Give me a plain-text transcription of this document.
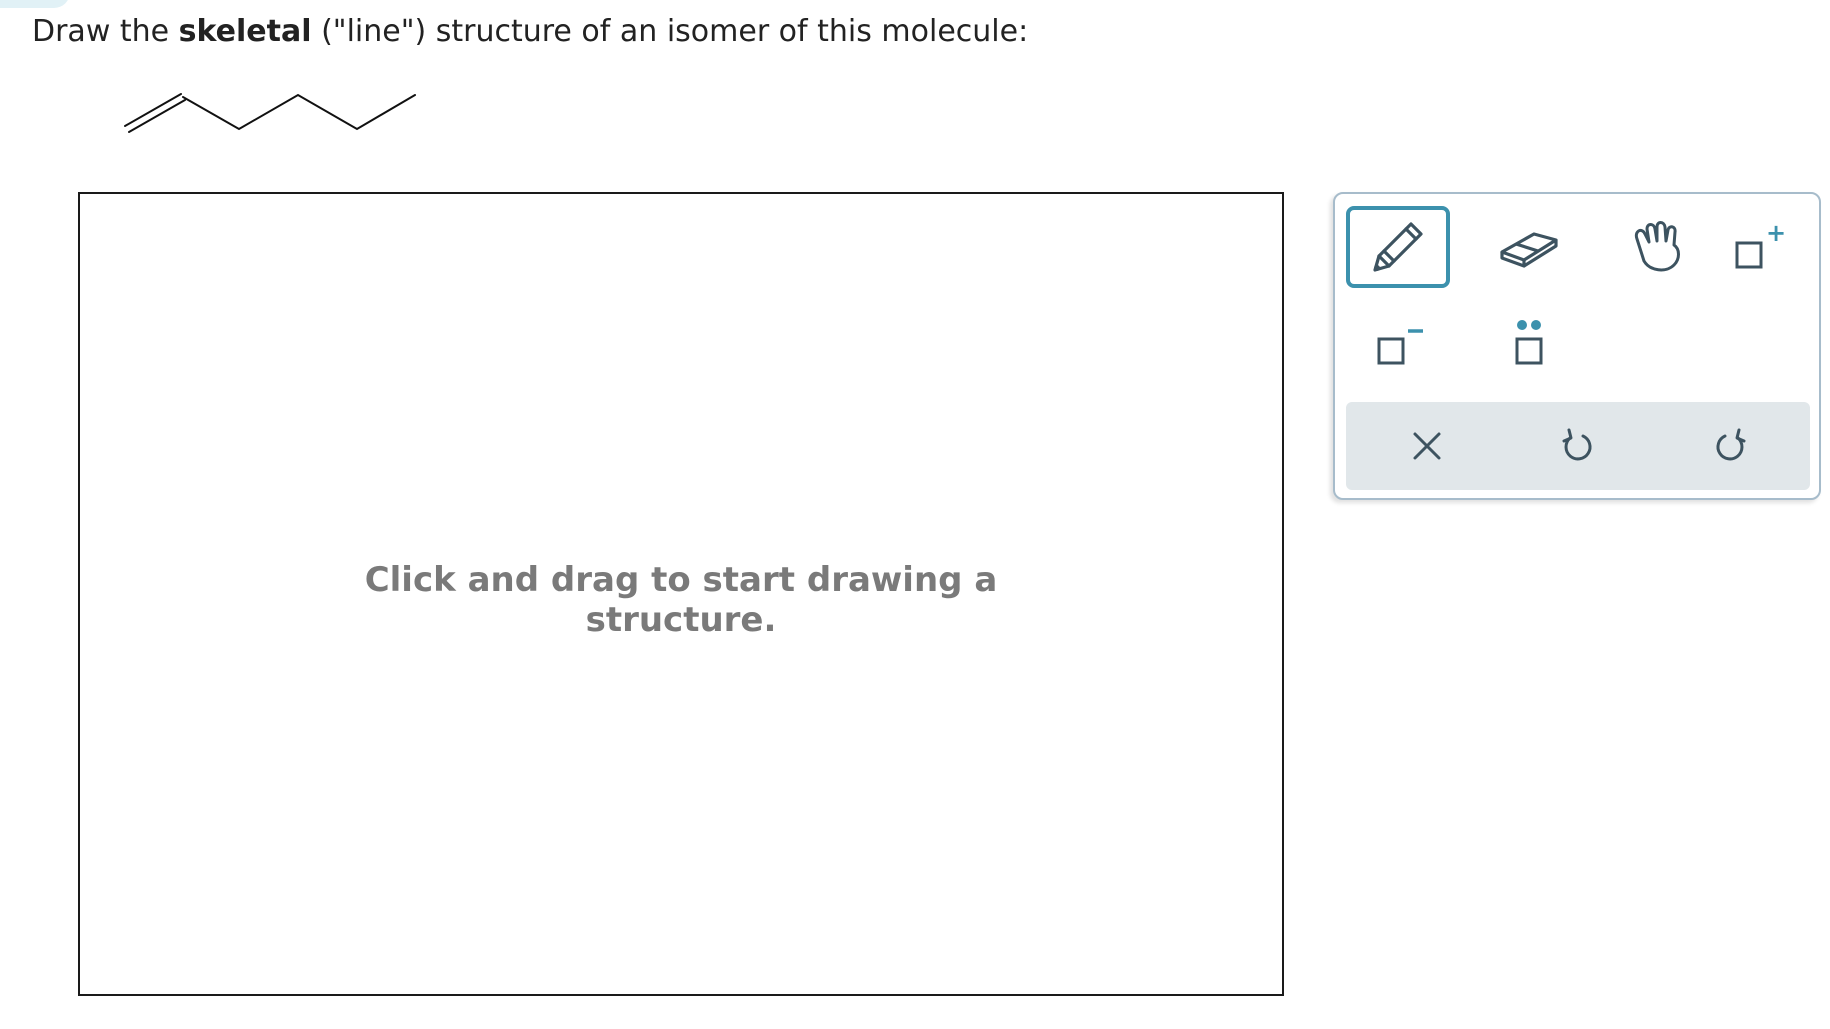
Draw the skeletal ("line") structure of an isomer of this molecule:
Click and drag to start drawing a
structure.
+
